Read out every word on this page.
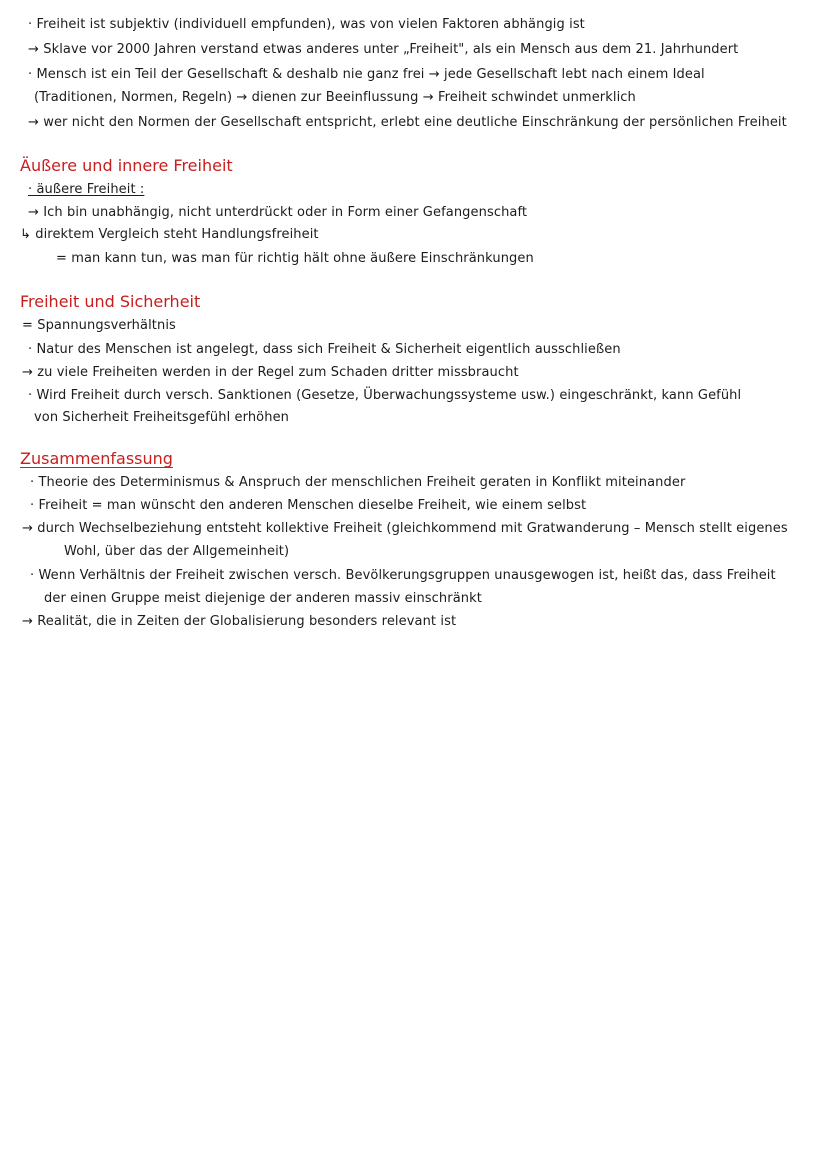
· Freiheit ist subjektiv (individuell empfunden), was von vielen Faktoren abhängig ist
→ Sklave vor 2000 Jahren verstand etwas anderes unter „Freiheit", als ein Mensch aus dem 21. Jahrhundert
· Mensch ist ein Teil der Gesellschaft & deshalb nie ganz frei → jede Gesellschaft lebt nach einem Ideal
(Traditionen, Normen, Regeln) → dienen zur Beeinflussung → Freiheit schwindet unmerklich
→ wer nicht den Normen der Gesellschaft entspricht, erlebt eine deutliche Einschränkung der persönlichen Freiheit
Äußere und innere Freiheit
· äußere Freiheit :
→ Ich bin unabhängig, nicht unterdrückt oder in Form einer Gefangenschaft
↳ direktem Vergleich steht Handlungsfreiheit
= man kann tun, was man für richtig hält ohne äußere Einschränkungen
Freiheit und Sicherheit
= Spannungsverhältnis
· Natur des Menschen ist angelegt, dass sich Freiheit & Sicherheit eigentlich ausschließen
→ zu viele Freiheiten werden in der Regel zum Schaden dritter missbraucht
· Wird Freiheit durch versch. Sanktionen (Gesetze, Überwachungssysteme usw.) eingeschränkt, kann Gefühl
von Sicherheit Freiheitsgefühl erhöhen
Zusammenfassung
· Theorie des Determinismus & Anspruch der menschlichen Freiheit geraten in Konflikt miteinander
· Freiheit = man wünscht den anderen Menschen dieselbe Freiheit, wie einem selbst
→ durch Wechselbeziehung entsteht kollektive Freiheit (gleichkommend mit Gratwanderung – Mensch stellt eigenes
Wohl, über das der Allgemeinheit)
· Wenn Verhältnis der Freiheit zwischen versch. Bevölkerungsgruppen unausgewogen ist, heißt das, dass Freiheit
der einen Gruppe meist diejenige der anderen massiv einschränkt
→ Realität, die in Zeiten der Globalisierung besonders relevant ist
